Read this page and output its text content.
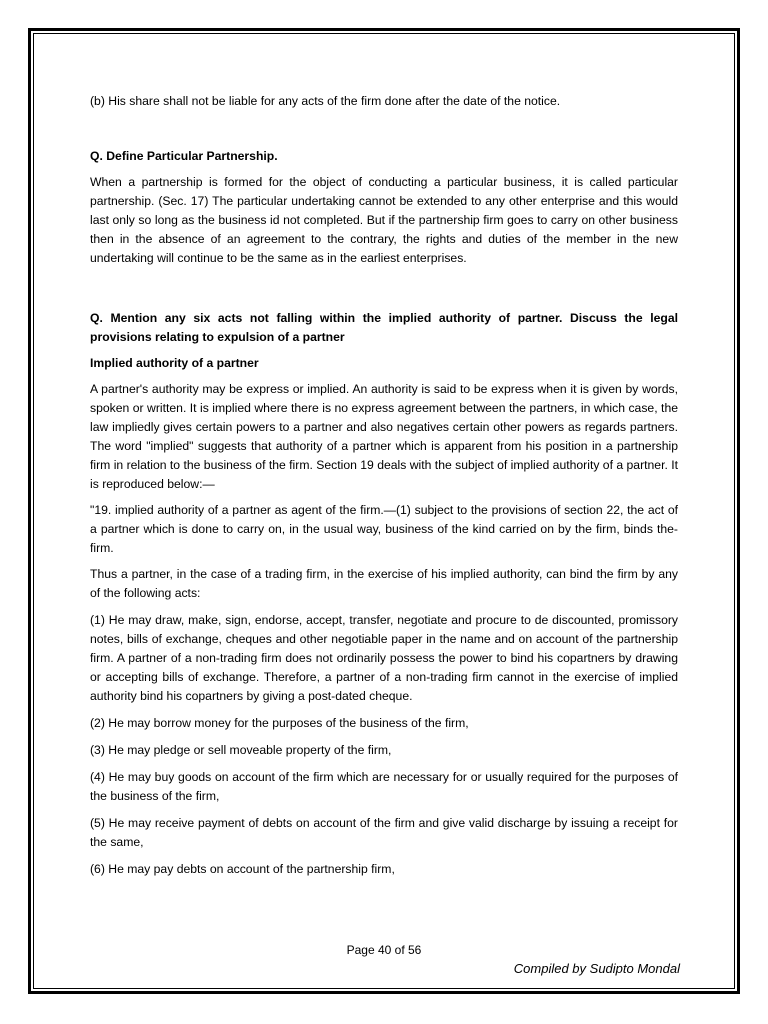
(b) His share shall not be liable for any acts of the firm done after the date of the notice.

Q. Define Particular Partnership.

When a partnership is formed for the object of conducting a particular business, it is called particular partnership. (Sec. 17) The particular undertaking cannot be extended to any other enterprise and this would last only so long as the business id not completed. But if the partnership firm goes to carry on other business then in the absence of an agreement to the contrary, the rights and duties of the member in the new undertaking will continue to be the same as in the earliest enterprises.

Q. Mention any six acts not falling within the implied authority of partner. Discuss the legal provisions relating to expulsion of a partner

Implied authority of a partner

A partner's authority may be express or implied. An authority is said to be express when it is given by words, spoken or written. It is implied where there is no express agreement between the partners, in which case, the law impliedly gives certain powers to a partner and also negatives certain other powers as regards partners. The word "implied" suggests that authority of a partner which is apparent from his position in a partnership firm in relation to the business of the firm. Section 19 deals with the subject of implied authority of a partner. It is reproduced below:—

"19. implied authority of a partner as agent of the firm.—(1) subject to the provisions of section 22, the act of a partner which is done to carry on, in the usual way, business of the kind carried on by the firm, binds the-firm.

Thus a partner, in the case of a trading firm, in the exercise of his implied authority, can bind the firm by any of the following acts:

(1) He may draw, make, sign, endorse, accept, transfer, negotiate and procure to de discounted, promissory notes, bills of exchange, cheques and other negotiable paper in the name and on account of the partnership firm. A partner of a non-trading firm does not ordinarily possess the power to bind his copartners by drawing or accepting bills of exchange. Therefore, a partner of a non-trading firm cannot in the exercise of implied authority bind his copartners by giving a post-dated cheque.

(2) He may borrow money for the purposes of the business of the firm,

(3) He may pledge or sell moveable property of the firm,

(4) He may buy goods on account of the firm which are necessary for or usually required for the purposes of the business of the firm,

(5) He may receive payment of debts on account of the firm and give valid discharge by issuing a receipt for the same,

(6) He may pay debts on account of the partnership firm,

Page 40 of 56
Compiled by Sudipto Mondal
